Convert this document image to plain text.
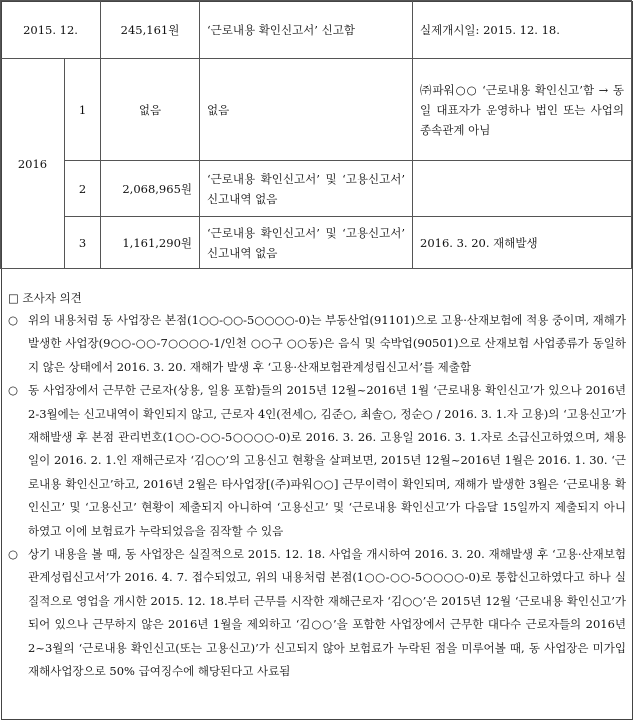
2015. 12.		245,161원	‘근로내용 확인신고서’ 신고함	실제개시일: 2015. 12. 18.
2016	1	없음	없음	㈜파워○○ ‘근로내용 확인신고’함 → 동일 대표자가 운영하나 법인 또는 사업의 종속관계 아님
	2	2,068,965원	‘근로내용 확인신고서’ 및 ‘고용신고서’ 신고내역 없음	
	3	1,161,290원	‘근로내용 확인신고서’ 및 ‘고용신고서’ 신고내역 없음	2016. 3. 20. 재해발생
□ 조사자 의견
○ 위의 내용처럼 동 사업장은 본점(1○○-○○-5○○○○-0)는 부동산업(91101)으로 고용·산재보험에 적용 중이며, 재해가 발생한 사업장(9○○-○○-7○○○○-1/인천 ○○구 ○○동)은 음식 및 숙박업(90501)으로 산재보험 사업종류가 동일하지 않은 상태에서 2016. 3. 20. 재해가 발생 후 ‘고용·산재보험관계성립신고서’를 제출함
○ 동 사업장에서 근무한 근로자(상용, 일용 포함)들의 2015년 12월~2016년 1월 ‘근로내용 확인신고’가 있으나 2016년 2-3월에는 신고내역이 확인되지 않고, 근로자 4인(전세○, 김준○, 최솔○, 정순○ / 2016. 3. 1.자 고용)의 ‘고용신고’가 재해발생 후 본점 관리번호(1○○-○○-5○○○○-0)로 2016. 3. 26. 고용일 2016. 3. 1.자로 소급신고하였으며, 채용일이 2016. 2. 1.인 재해근로자 ‘김○○’의 고용신고 현황을 살펴보면, 2015년 12월~2016년 1월은 2016. 1. 30. ‘근로내용 확인신고’하고, 2016년 2월은 타사업장[(주)파워○○] 근무이력이 확인되며, 재해가 발생한 3월은 ‘근로내용 확인신고’ 및 ‘고용신고’ 현황이 제출되지 아니하여 ‘고용신고’ 및 ‘근로내용 확인신고’가 다음달 15일까지 제출되지 아니하였고 이에 보험료가 누락되었음을 짐작할 수 있음
○ 상기 내용을 볼 때, 동 사업장은 실질적으로 2015. 12. 18. 사업을 개시하여 2016. 3. 20. 재해발생 후 ‘고용·산재보험관계성립신고서’가 2016. 4. 7. 접수되었고, 위의 내용처럼 본점(1○○-○○-5○○○○-0)로 통합신고하였다고 하나 실질적으로 영업을 개시한 2015. 12. 18.부터 근무를 시작한 재해근로자 ‘김○○’은 2015년 12월 ‘근로내용 확인신고’가 되어 있으나 근무하지 않은 2016년 1월을 제외하고 ‘김○○’을 포함한 사업장에서 근무한 대다수 근로자들의 2016년 2~3월의 ‘근로내용 확인신고(또는 고용신고)’가 신고되지 않아 보험료가 누락된 점을 미루어볼 때, 동 사업장은 미가입재해사업장으로 50% 급여징수에 해당된다고 사료됨
